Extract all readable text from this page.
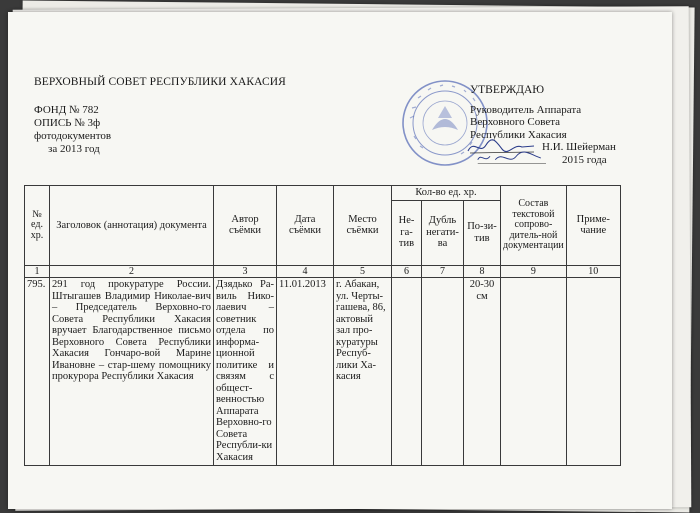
ВЕРХОВНЫЙ СОВЕТ РЕСПУБЛИКИ ХАКАСИЯ
ФОНД № 782
ОПИСЬ № 3ф
фотодокументов
за 2013 год
УТВЕРЖДАЮ
Руководитель Аппарата
Верховного Совета
Республики Хакасия
Н.И. Шейерман
2015 года
№ ед. хр.	Заголовок (аннотация) документа	Автор съёмки	Дата съёмки	Место съёмки	Кол-во ед. хр.			Состав текстовой сопрово-дитель-ной документации	Приме-чание
					Не-га-тив	Дубль негати-ва	По-зи-тив		
1	2	3	4	5	6	7	8	9	10
795.	291 год прокуратуре России. Штыгашев Владимир Николае-вич – Председатель Верховно-го Совета Республики Хакасия вручает Благодарственное письмо Верховного Совета Республики Хакасия Гончаро-вой Марине Ивановне – стар-шему помощнику прокурора Республики Хакасия	Дзядько Ра-виль Нико-лаевич – советник отдела по информа-ционной политике и связям с общест-венностью Аппарата Верховно-го Совета Республи-ки Хакасия	11.01.2013	г. Абакан, ул. Черты-гашева, 86, актовый зал про-куратуры Респуб-лики Ха-касия			20-30 см		
